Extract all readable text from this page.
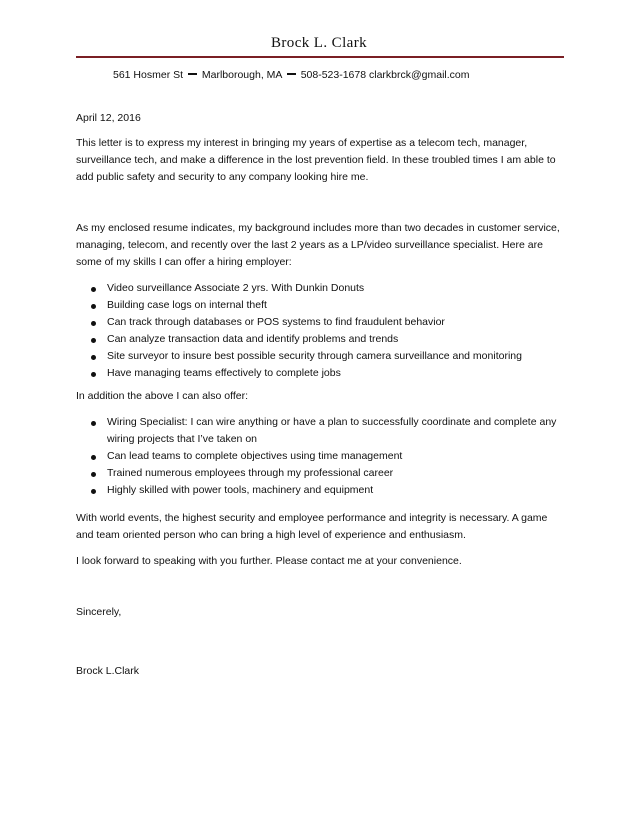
Brock L. Clark
561 Hosmer St Marlborough, MA 508-523-1678 clarkbrck@gmail.com
April 12, 2016

This letter is to express my interest in bringing my years of expertise as a telecom tech, manager, surveillance tech, and make a difference in the lost prevention field. In these troubled times I am able to add public safety and security to any company looking hire me.

As my enclosed resume indicates, my background includes more than two decades in customer service, managing, telecom, and recently over the last 2 years as a LP/video surveillance specialist. Here are some of my skills I can offer a hiring employer:

Video surveillance Associate 2 yrs. With Dunkin Donuts
Building case logs on internal theft
Can track through databases or POS systems to find fraudulent behavior
Can analyze transaction data and identify problems and trends
Site surveyor to insure best possible security through camera surveillance and monitoring
Have managing teams effectively to complete jobs

In addition the above I can also offer:

Wiring Specialist: I can wire anything or have a plan to successfully coordinate and complete any wiring projects that I’ve taken on
Can lead teams to complete objectives using time management
Trained numerous employees through my professional career
Highly skilled with power tools, machinery and equipment

With world events, the highest security and employee performance and integrity is necessary. A game and team oriented person who can bring a high level of experience and enthusiasm.

I look forward to speaking with you further. Please contact me at your convenience.

Sincerely,
Brock L.Clark
